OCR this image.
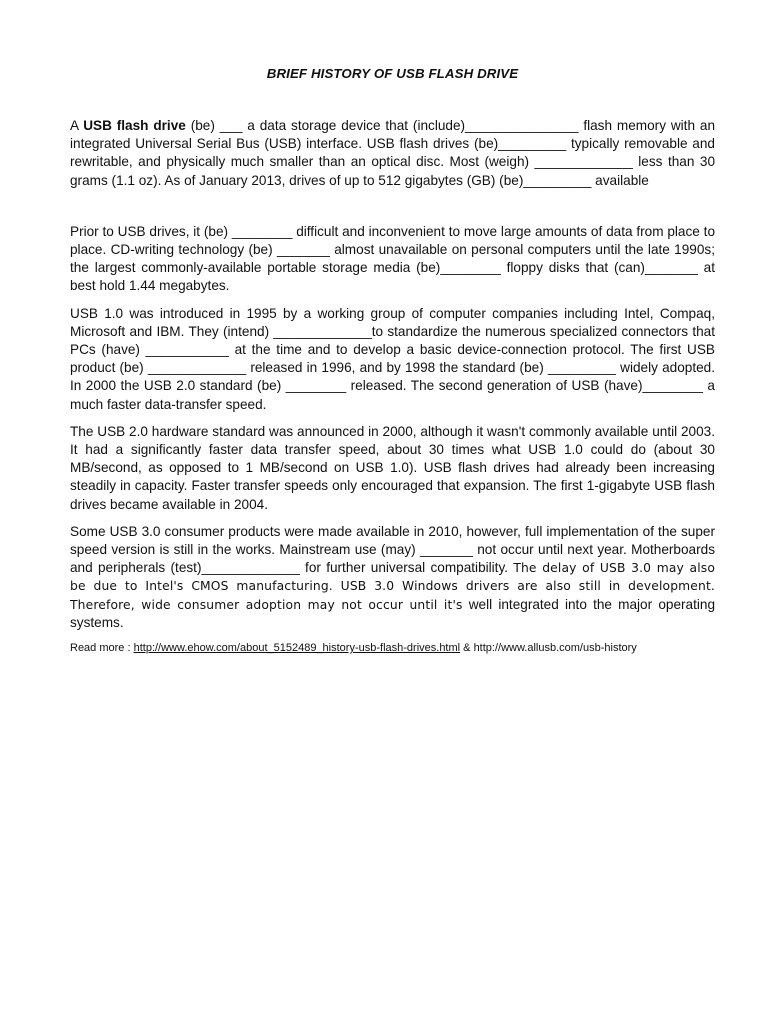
BRIEF HISTORY OF USB FLASH DRIVE

A USB flash drive (be) ___ a data storage device that (include)_______________ flash memory with an integrated Universal Serial Bus (USB) interface. USB flash drives (be)_________ typically removable and rewritable, and physically much smaller than an optical disc. Most (weigh) _____________ less than 30 grams (1.1 oz). As of January 2013, drives of up to 512 gigabytes (GB) (be)_________ available

Prior to USB drives, it (be) ________ difficult and inconvenient to move large amounts of data from place to place. CD-writing technology (be) _______ almost unavailable on personal computers until the late 1990s; the largest commonly-available portable storage media (be)________ floppy disks that (can)_______ at best hold 1.44 megabytes.

USB 1.0 was introduced in 1995 by a working group of computer companies including Intel, Compaq, Microsoft and IBM. They (intend) _____________to standardize the numerous specialized connectors that PCs (have) ___________ at the time and to develop a basic device-connection protocol. The first USB product (be) _____________ released in 1996, and by 1998 the standard (be) _________ widely adopted. In 2000 the USB 2.0 standard (be) ________ released. The second generation of USB (have)________ a much faster data-transfer speed.

The USB 2.0 hardware standard was announced in 2000, although it wasn't commonly available until 2003. It had a significantly faster data transfer speed, about 30 times what USB 1.0 could do (about 30 MB/second, as opposed to 1 MB/second on USB 1.0). USB flash drives had already been increasing steadily in capacity. Faster transfer speeds only encouraged that expansion. The first 1-gigabyte USB flash drives became available in 2004.

Some USB 3.0 consumer products were made available in 2010, however, full implementation of the super speed version is still in the works. Mainstream use (may) _______ not occur until next year. Motherboards and peripherals (test)_____________ for further universal compatibility. The delay of USB 3.0 may also be due to Intel's CMOS manufacturing. USB 3.0 Windows drivers are also still in development. Therefore, wide consumer adoption may not occur until it's well integrated into the major operating systems.

Read more : http://www.ehow.com/about_5152489_history-usb-flash-drives.html & http://www.allusb.com/usb-history
